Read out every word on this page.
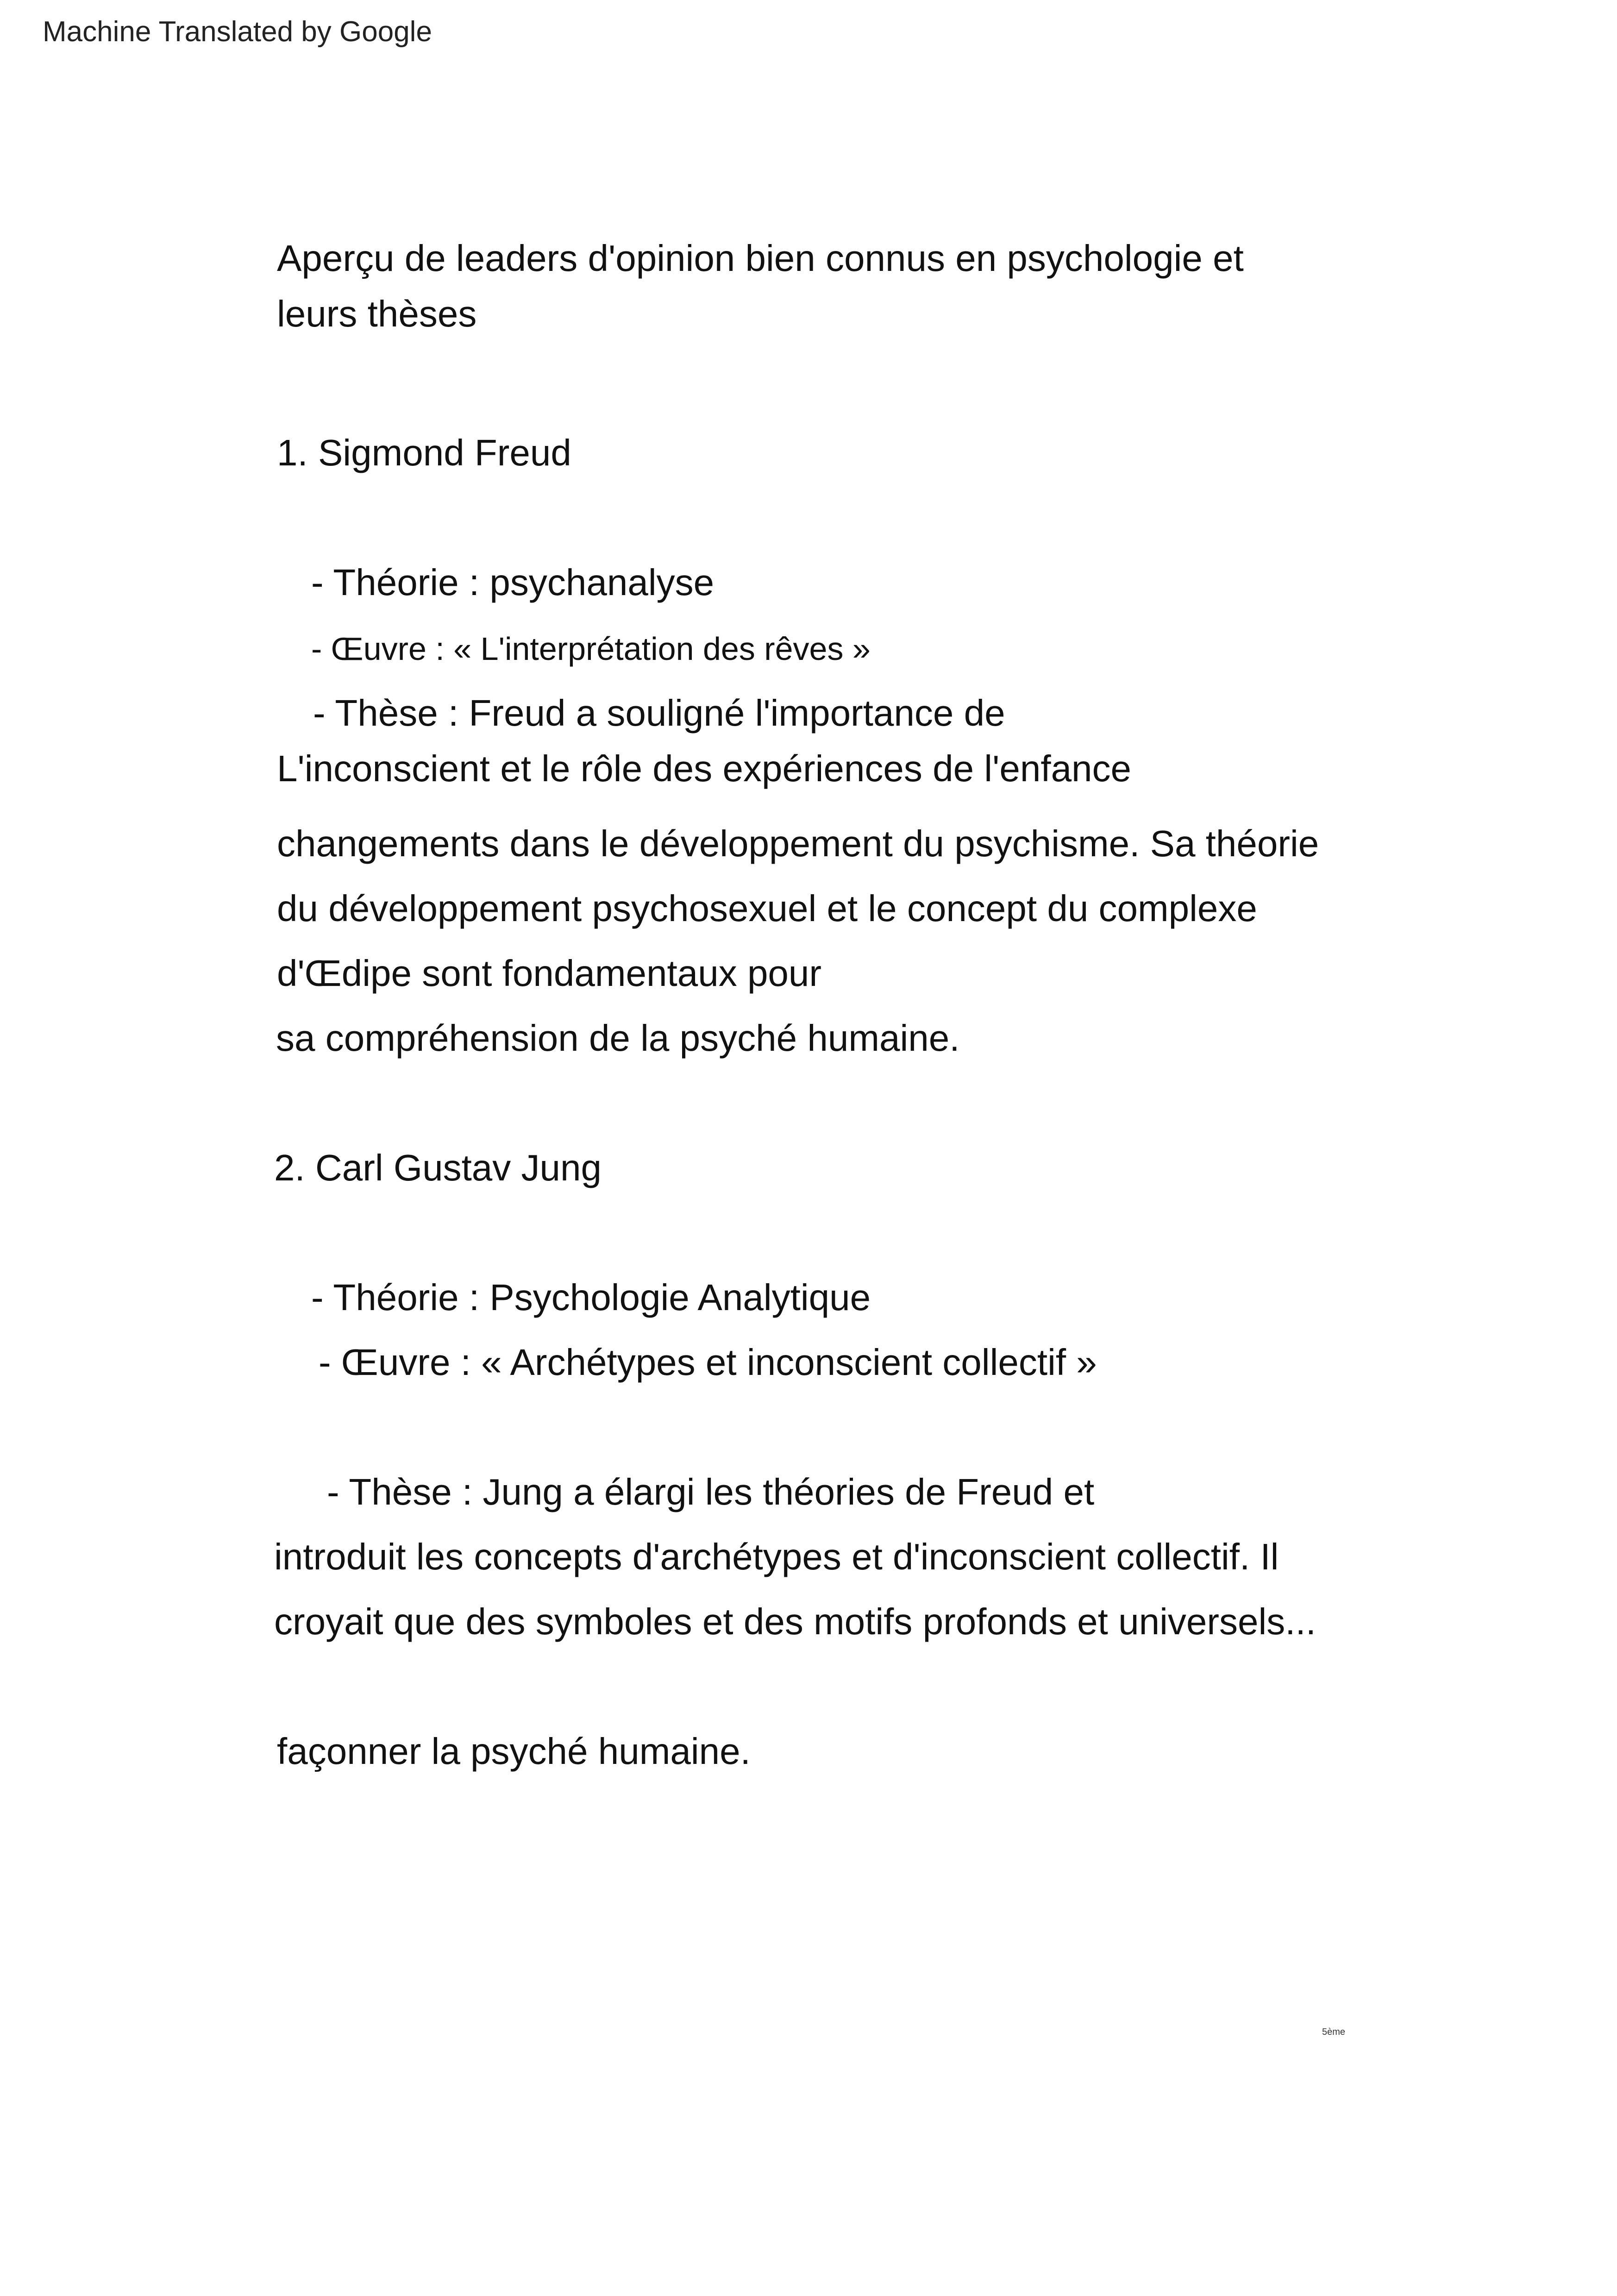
Machine Translated by Google
Aperçu de leaders d'opinion bien connus en psychologie et
leurs thèses
1. Sigmond Freud
- Théorie : psychanalyse
- Œuvre : « L'interprétation des rêves »
- Thèse : Freud a souligné l'importance de
L'inconscient et le rôle des expériences de l'enfance
changements dans le développement du psychisme. Sa théorie
du développement psychosexuel et le concept du complexe
d'Œdipe sont fondamentaux pour
sa compréhension de la psyché humaine.
2. Carl Gustav Jung
- Théorie : Psychologie Analytique
- Œuvre : « Archétypes et inconscient collectif »
- Thèse : Jung a élargi les théories de Freud et
introduit les concepts d'archétypes et d'inconscient collectif. Il
croyait que des symboles et des motifs profonds et universels...
façonner la psyché humaine.
5ème
